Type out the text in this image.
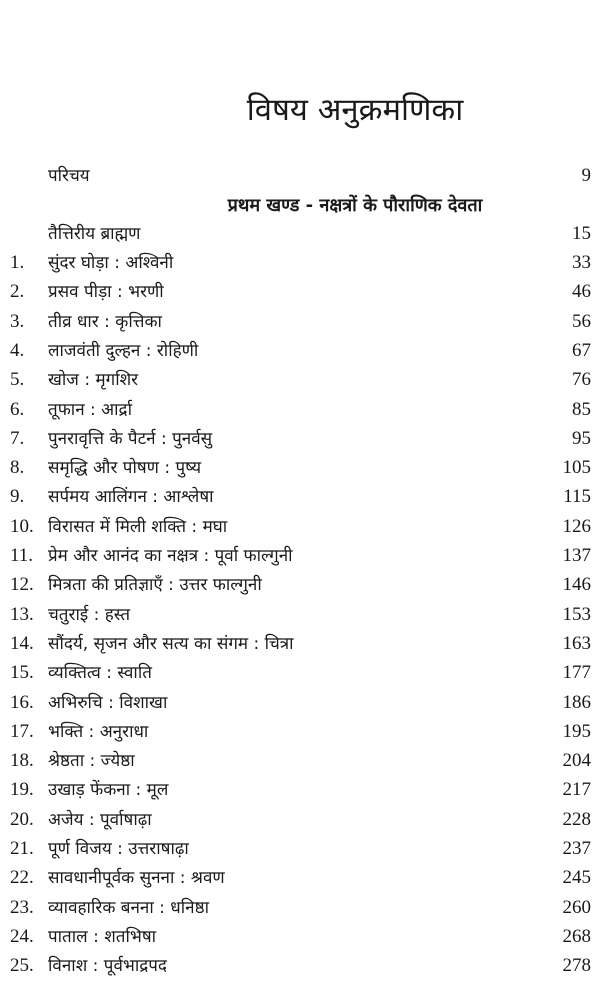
विषय अनुक्रमणिका
परिचय	9
प्रथम खण्ड - नक्षत्रों के पौराणिक देवता
तैत्तिरीय ब्राह्मण	15
1. सुंदर घोड़ा : अश्विनी	33
2. प्रसव पीड़ा : भरणी	46
3. तीव्र धार : कृत्तिका	56
4. लाजवंती दुल्हन : रोहिणी	67
5. खोज : मृगशिर	76
6. तूफान : आर्द्रा	85
7. पुनरावृत्ति के पैटर्न : पुनर्वसु	95
8. समृद्धि और पोषण : पुष्य	105
9. सर्पमय आलिंगन : आश्लेषा	115
10. विरासत में मिली शक्ति : मघा	126
11. प्रेम और आनंद का नक्षत्र : पूर्वा फाल्गुनी	137
12. मित्रता की प्रतिज्ञाएँ : उत्तर फाल्गुनी	146
13. चतुराई : हस्त	153
14. सौंदर्य, सृजन और सत्य का संगम : चित्रा	163
15. व्यक्तित्व : स्वाति	177
16. अभिरुचि : विशाखा	186
17. भक्ति : अनुराधा	195
18. श्रेष्ठता : ज्येष्ठा	204
19. उखाड़ फेंकना : मूल	217
20. अजेय : पूर्वाषाढ़ा	228
21. पूर्ण विजय : उत्तराषाढ़ा	237
22. सावधानीपूर्वक सुनना : श्रवण	245
23. व्यावहारिक बनना : धनिष्ठा	260
24. पाताल : शतभिषा	268
25. विनाश : पूर्वभाद्रपद	278
